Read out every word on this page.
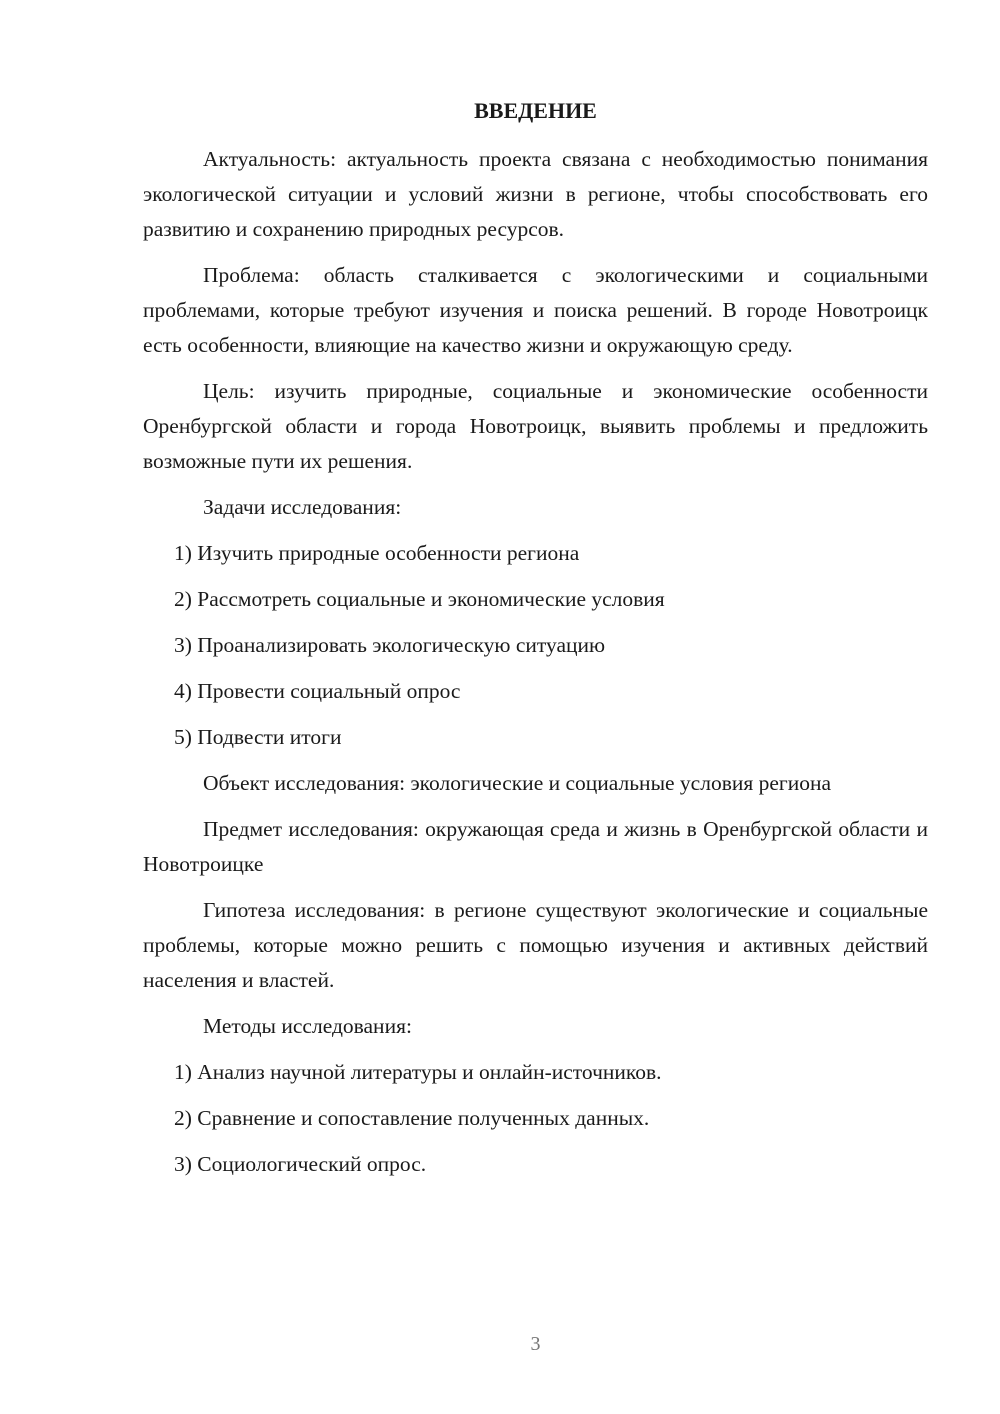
ВВЕДЕНИЕ

Актуальность: актуальность проекта связана с необходимостью понимания экологической ситуации и условий жизни в регионе, чтобы способствовать его развитию и сохранению природных ресурсов.

Проблема: область сталкивается с экологическими и социальными проблемами, которые требуют изучения и поиска решений. В городе Новотроицк есть особенности, влияющие на качество жизни и окружающую среду.

Цель: изучить природные, социальные и экономические особенности Оренбургской области и города Новотроицк, выявить проблемы и предложить возможные пути их решения.

Задачи исследования:

1) Изучить природные особенности региона

2) Рассмотреть социальные и экономические условия

3) Проанализировать экологическую ситуацию

4) Провести социальный опрос

5) Подвести итоги

Объект исследования: экологические и социальные условия региона

Предмет исследования: окружающая среда и жизнь в Оренбургской области и Новотроицке

Гипотеза исследования: в регионе существуют экологические и социальные проблемы, которые можно решить с помощью изучения и активных действий населения и властей.

Методы исследования:

1) Анализ научной литературы и онлайн-источников.

2) Сравнение и сопоставление полученных данных.

3) Социологический опрос.

3
